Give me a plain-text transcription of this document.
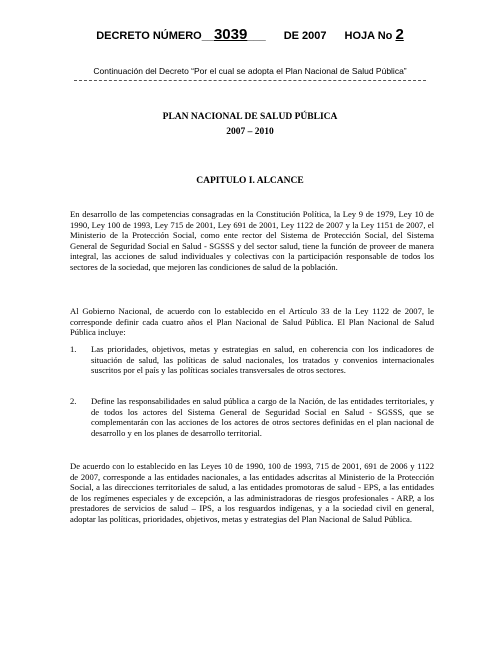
DECRETO NÚMERO__3039___ DE 2007 HOJA No 2
Continuación del Decreto “Por el cual se adopta el Plan Nacional de Salud Pública”
PLAN NACIONAL DE SALUD PÚBLICA
2007 – 2010
CAPITULO I. ALCANCE

En desarrollo de las competencias consagradas en la Constitución Política, la Ley 9 de 1979, Ley 10 de 1990, Ley 100 de 1993, Ley 715 de 2001, Ley 691 de 2001, Ley 1122 de 2007 y la Ley 1151 de 2007, el Ministerio de la Protección Social, como ente rector del Sistema de Protección Social, del Sistema General de Seguridad Social en Salud - SGSSS y del sector salud, tiene la función de proveer de manera integral, las acciones de salud individuales y colectivas con la participación responsable de todos los sectores de la sociedad, que mejoren las condiciones de salud de la población.

Al Gobierno Nacional, de acuerdo con lo establecido en el Artículo 33 de la Ley 1122 de 2007, le corresponde definir cada cuatro años el Plan Nacional de Salud Pública. El Plan Nacional de Salud Pública incluye:

1.	Las prioridades, objetivos, metas y estrategias en salud, en coherencia con los indicadores de situación de salud, las políticas de salud nacionales, los tratados y convenios internacionales suscritos por el país y las políticas sociales transversales de otros sectores.
2.	Define las responsabilidades en salud pública a cargo de la Nación, de las entidades territoriales, y de todos los actores del Sistema General de Seguridad Social en Salud - SGSSS, que se complementarán con las acciones de los actores de otros sectores definidas en el plan nacional de desarrollo y en los planes de desarrollo territorial.

De acuerdo con lo establecido en las Leyes 10 de 1990, 100 de 1993, 715 de 2001, 691 de 2006 y 1122 de 2007, corresponde a las entidades nacionales, a las entidades adscritas al Ministerio de la Protección Social, a las direcciones territoriales de salud, a las entidades promotoras de salud - EPS, a las entidades de los regímenes especiales y de excepción, a las administradoras de riesgos profesionales - ARP, a los prestadores de servicios de salud – IPS, a los resguardos indígenas, y a la sociedad civil en general, adoptar las políticas, prioridades, objetivos, metas y estrategias del Plan Nacional de Salud Pública.
